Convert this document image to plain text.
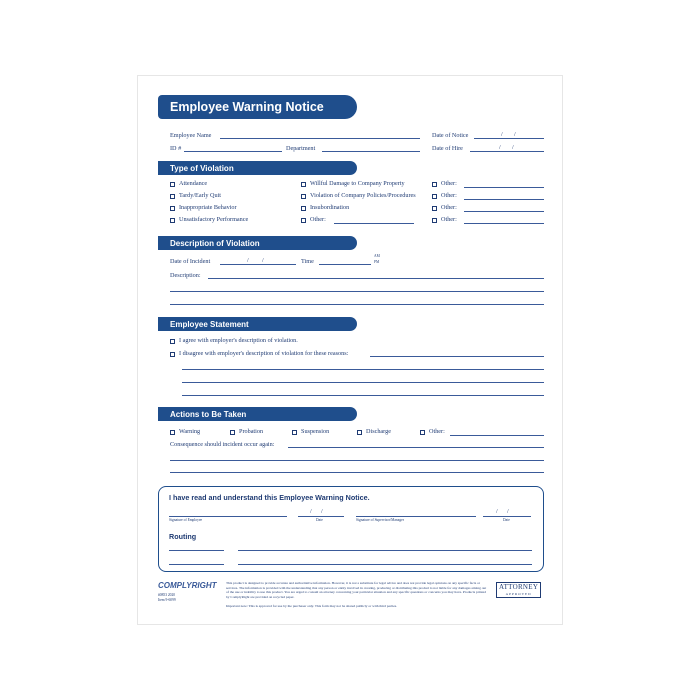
Employee Warning Notice
Employee Name	Date of Notice	/ /
ID #	Department	Date of Hire	/ /
Type of Violation
Attendance
Tardy/Early Quit
Inappropriate Behavior
Unsatisfactory Performance
Willful Damage to Company Property
Violation of Company Policies/Procedures
Insubordination
Other:
Other:
Other:
Other:
Other:
Description of Violation
Date of Incident	/ /	Time
AM
PM
Description:
Employee Statement
I agree with employer's description of violation.
I disagree with employer's description of violation for these reasons:
Actions to Be Taken
Warning	Probation	Suspension	Discharge	Other:
Consequence should incident occur again:
I have read and understand this Employee Warning Notice.
Signature of Employee
/ /
Date	Signature of Supervisor/Manager
/ /
Date
Routing
COMPLYRIGHT
#0853 2020
Item 9-6099
This product is designed to provide accurate and authoritative information. However, it is not a substitute for legal advice and does not provide legal opinions on any specific facts or services. The information is provided with the understanding that any person or entity involved in creating, producing or distributing this product is not liable for any damages arising out of the use or inability to use this product. You are urged to consult an attorney concerning your particular situation and any specific questions or concerns you may have. Products printed by ComplyRight are provided on recycled paper.
Important note: This is approved for use by the purchaser only. This form may not be shared publicly or with third parties.
ATTORNEY
APPROVED
